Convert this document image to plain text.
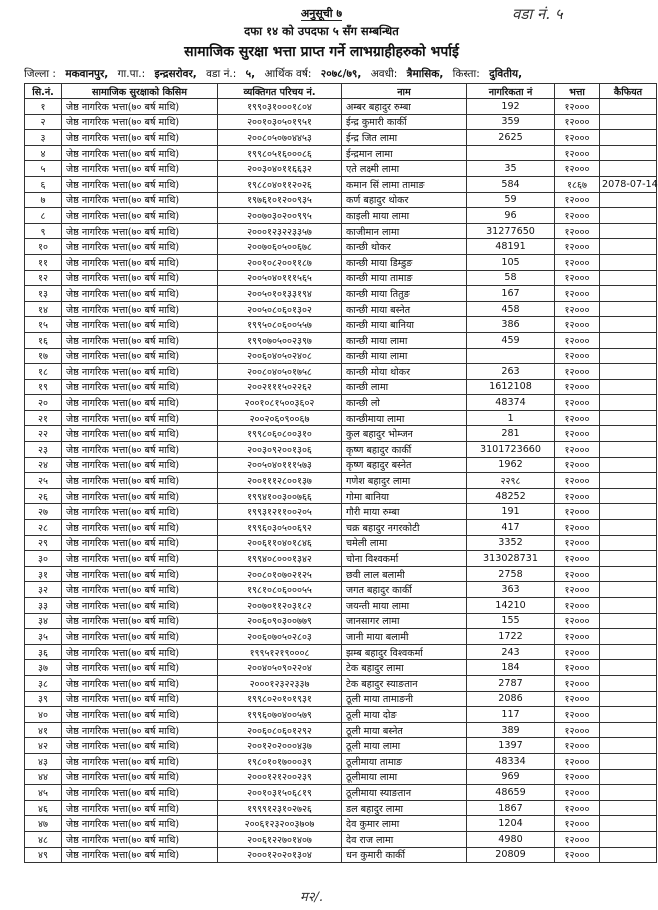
अनुसूची ७	वडा नं. ५
दफा १४ को उपदफा ५ सँग सम्बन्धित
सामाजिक सुरक्षा भत्ता प्राप्त गर्ने लाभग्राहीहरुको भर्पाई
जिल्ला : मकवानपुर, गा.पा.: इन्द्रसरोवर, वडा नं.: ५, आर्थिक वर्ष: २०७८/७९, अवधी: त्रैमासिक, किस्ता: दुवितीय,
सि.नं.	सामाजिक सुरक्षाको किसिम	व्यक्तिगत परिचय नं.	नाम	नागरिकता नं	भत्ता	कैफियत
१	जेष्ठ नागरिक भत्ता(७० बर्ष माथि)	१९९०३१०००१८०४	अम्बर बहादुर रुम्बा	192	१२०००	
२	जेष्ठ नागरिक भत्ता(७० बर्ष माथि)	२००१०३०५०१९५१	ईन्द्र कुमारी कार्की	359	१२०००	
३	जेष्ठ नागरिक भत्ता(७० बर्ष माथि)	२००८०५०७०४४५३	ईन्द्र जित लामा	2625	१२०००	
४	जेष्ठ नागरिक भत्ता(७० बर्ष माथि)	१९९८०५१६०००८६	ईन्द्रमान लामा		१२०००	
५	जेष्ठ नागरिक भत्ता(७० बर्ष माथि)	२००३०४०११६६३२	एते लक्ष्मी लामा	35	१२०००	
६	जेष्ठ नागरिक भत्ता(७० बर्ष माथि)	१९८८०४०११२०२६	कमान सिं लामा तामाङ	584	१८६७	2078-07-14
७	जेष्ठ नागरिक भत्ता(७० बर्ष माथि)	१९७६१०१२००९३५	कर्ण बहादुर थोकर	59	१२०००	
८	जेष्ठ नागरिक भत्ता(७० बर्ष माथि)	२००७०३०२००९९५	काइली माया लामा	96	१२०००	
९	जेष्ठ नागरिक भत्ता(७० बर्ष माथि)	२०००१२३२२३३५७	काजीमान लामा	31277650	१२०००	
१०	जेष्ठ नागरिक भत्ता(७० बर्ष माथि)	२००७०६०५००६७८	कान्छी थोकर	48191	१२०००	
११	जेष्ठ नागरिक भत्ता(७० बर्ष माथि)	२००१०८२००११८७	कान्छी माया डिम्डुङ	105	१२०००	
१२	जेष्ठ नागरिक भत्ता(७० बर्ष माथि)	२००५०४०१११५६५	कान्छी माया तामाङ	58	१२०००	
१३	जेष्ठ नागरिक भत्ता(७० बर्ष माथि)	२००५०१०१३३१९४	कान्छी माया तितुङ	167	१२०००	
१४	जेष्ठ नागरिक भत्ता(७० बर्ष माथि)	२००५०८०६०१३०२	कान्छी माया बस्नेत	458	१२०००	
१५	जेष्ठ नागरिक भत्ता(७० बर्ष माथि)	१९९५०८०६००५५७	कान्छी माया बानिया	386	१२०००	
१६	जेष्ठ नागरिक भत्ता(७० बर्ष माथि)	१९९०७०५००२३९७	कान्छी माया लामा	459	१२०००	
१७	जेष्ठ नागरिक भत्ता(७० बर्ष माथि)	२००६०४०५०२४०८	कान्छी माया लामा		१२०००	
१८	जेष्ठ नागरिक भत्ता(७० बर्ष माथि)	२००८०४०५०१७५८	कान्छी मोया थोकर	263	१२०००	
१९	जेष्ठ नागरिक भत्ता(७० बर्ष माथि)	२००२१११५०२२६२	कान्छी लामा	1612108	१२०००	
२०	जेष्ठ नागरिक भत्ता(७० बर्ष माथि)	२००१०८१५००३६०२	कान्छी लो	48374	१२०००	
२१	जेष्ठ नागरिक भत्ता(७० बर्ष माथि)	२००२०६०९००६७	कान्छीमाया लामा	1	१२०००	
२२	जेष्ठ नागरिक भत्ता(७० बर्ष माथि)	१९९८०६०८००३१०	कुल बहादुर भोम्जन	281	१२०००	
२३	जेष्ठ नागरिक भत्ता(७० बर्ष माथि)	२००३०९२००१३०६	कृष्ण बहादुर कार्की	3101723660	१२०००	
२४	जेष्ठ नागरिक भत्ता(७० बर्ष माथि)	२००५०४०१११५७३	कृष्ण बहादुर बस्नेत	1962	१२०००	
२५	जेष्ठ नागरिक भत्ता(७० बर्ष माथि)	२००१११२८००१३७	गणेश बहादुर लामा	२२९८	१२०००	
२६	जेष्ठ नागरिक भत्ता(७० बर्ष माथि)	१९९४१००३००७६६	गोमा बानिया	48252	१२०००	
२७	जेष्ठ नागरिक भत्ता(७० बर्ष माथि)	१९९३१२११००२०५	गौरी माया रुम्बा	191	१२०००	
२८	जेष्ठ नागरिक भत्ता(७० बर्ष माथि)	१९९६०३०५००६९२	चक्र बहादुर नगरकोटी	417	१२०००	
२९	जेष्ठ नागरिक भत्ता(७० बर्ष माथि)	२००६११०४०१८४६	चमेली लामा	3352	१२०००	
३०	जेष्ठ नागरिक भत्ता(७० बर्ष माथि)	१९९४०८०००१३४२	चोना विश्वकर्मा	313028731	१२०००	
३१	जेष्ठ नागरिक भत्ता(७० बर्ष माथि)	२००८०१०७०२१२५	छवी लाल बलामी	2758	१२०००	
३२	जेष्ठ नागरिक भत्ता(७० बर्ष माथि)	१९८१०८०६०००५५	जगत बहादुर कार्की	363	१२०००	
३३	जेष्ठ नागरिक भत्ता(७० बर्ष माथि)	२००७०११२०३१८२	जयन्ती माया लामा	14210	१२०००	
३४	जेष्ठ नागरिक भत्ता(७० बर्ष माथि)	२००६०९०३००७७९	जानसागर लामा	155	१२०००	
३५	जेष्ठ नागरिक भत्ता(७० बर्ष माथि)	२००६०७०५०२८०३	जानी माया बलामी	1722	१२०००	
३६	जेष्ठ नागरिक भत्ता(७० बर्ष माथि)	१९९५१२१९०००८	झम्ब बहादुर विश्वकर्मा	243	१२०००	
३७	जेष्ठ नागरिक भत्ता(७० बर्ष माथि)	२००४०५०९०२२०४	टेक बहादुर लामा	184	१२०००	
३८	जेष्ठ नागरिक भत्ता(७० बर्ष माथि)	२०००१२३२२३३७	टेक बहादुर स्याङतान	2787	१२०००	
३९	जेष्ठ नागरिक भत्ता(७० बर्ष माथि)	१९९८०२०१०१९३१	ठूली माया तामाङनी	2086	१२०००	
४०	जेष्ठ नागरिक भत्ता(७० बर्ष माथि)	१९९६०७०४००५७९	ठूली माया दोङ	117	१२०००	
४१	जेष्ठ नागरिक भत्ता(७० बर्ष माथि)	२००६०८०६०१२९२	ठूली माया बस्नेत	389	१२०००	
४२	जेष्ठ नागरिक भत्ता(७० बर्ष माथि)	२००१२०२०००४३७	ठूली माया लामा	1397	१२०००	
४३	जेष्ठ नागरिक भत्ता(७० बर्ष माथि)	१९८०१०१७०००३९	ठूलीमाया तामाङ	48334	१२०००	
४४	जेष्ठ नागरिक भत्ता(७० बर्ष माथि)	२०००१२१२००२३९	ठूलीमाया लामा	969	१२०००	
४५	जेष्ठ नागरिक भत्ता(७० बर्ष माथि)	२००१०३१५०६८१९	ठूलीमाया स्याङतान	48659	१२०००	
४६	जेष्ठ नागरिक भत्ता(७० बर्ष माथि)	१९९९१२३१०२७२६	डल बहादुर लामा	1867	१२०००	
४७	जेष्ठ नागरिक भत्ता(७० बर्ष माथि)	२००६१२३२००३७०७	देव कुमार लामा	1204	१२०००	
४८	जेष्ठ नागरिक भत्ता(७० बर्ष माथि)	२००६१२२७०१४०७	देव राज लामा	4980	१२०००	
४९	जेष्ठ नागरिक भत्ता(७० बर्ष माथि)	२०००१२०२०१३०४	धन कुमारी कार्की	20809	१२०००	
म२/.
